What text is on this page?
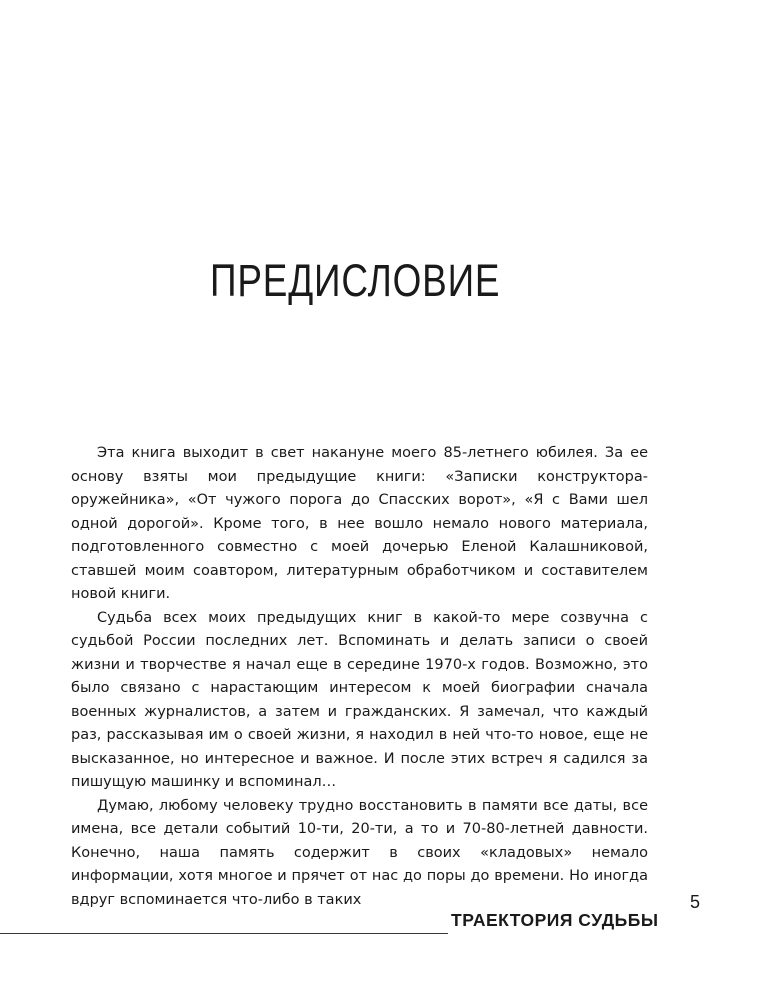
ПРЕДИСЛОВИЕ

Эта книга выходит в свет накануне моего 85-летнего юбилея. За ее основу взяты мои предыдущие книги: «Записки конструктора-оружейника», «От чужого порога до Спасских ворот», «Я с Вами шел одной дорогой». Кроме того, в нее вошло немало нового материала, подготовленного совместно с моей дочерью Еленой Калашниковой, ставшей моим соавтором, литературным обработчиком и составителем новой книги.

Судьба всех моих предыдущих книг в какой-то мере созвучна с судьбой России последних лет. Вспоминать и делать записи о своей жизни и творчестве я начал еще в середине 1970-х годов. Возможно, это было связано с нарастающим интересом к моей биографии сначала военных журналистов, а затем и гражданских. Я замечал, что каждый раз, рассказывая им о своей жизни, я находил в ней что-то новое, еще не высказанное, но интересное и важное. И после этих встреч я садился за пишущую машинку и вспоминал…

Думаю, любому человеку трудно восстановить в памяти все даты, все имена, все детали событий 10-ти, 20-ти, а то и 70-80-летней давности. Конечно, наша память содержит в своих «кладовых» немало информации, хотя многое и прячет от нас до поры до времени. Но иногда вдруг вспоминается что-либо в таких	5
ТРАЕКТОРИЯ СУДЬБЫ
